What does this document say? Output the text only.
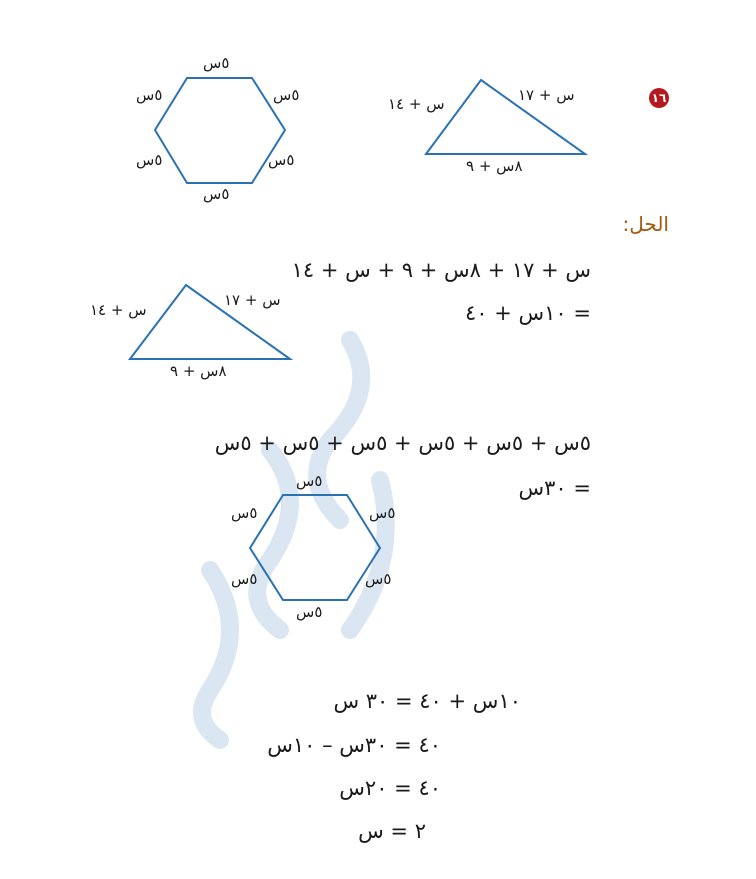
١٦
٥س
٥س
٥س
٥س
٥س
٥س	س + ١٤	س + ١٧
٨س + ٩
الحل:
س + ١٧ + ٨س + ٩ + س + ١٤
= ١٠س + ٤٠
س + ١٤
س + ١٧
٨س + ٩
٥س + ٥س + ٥س + ٥س + ٥س + ٥س
= ٣٠س
٥س
٥س
٥س
٥س
٥س
٥س
١٠س + ٤٠ = ٣٠ س
٤٠ = ٣٠س – ١٠س
٤٠ = ٢٠س
٢ = س
